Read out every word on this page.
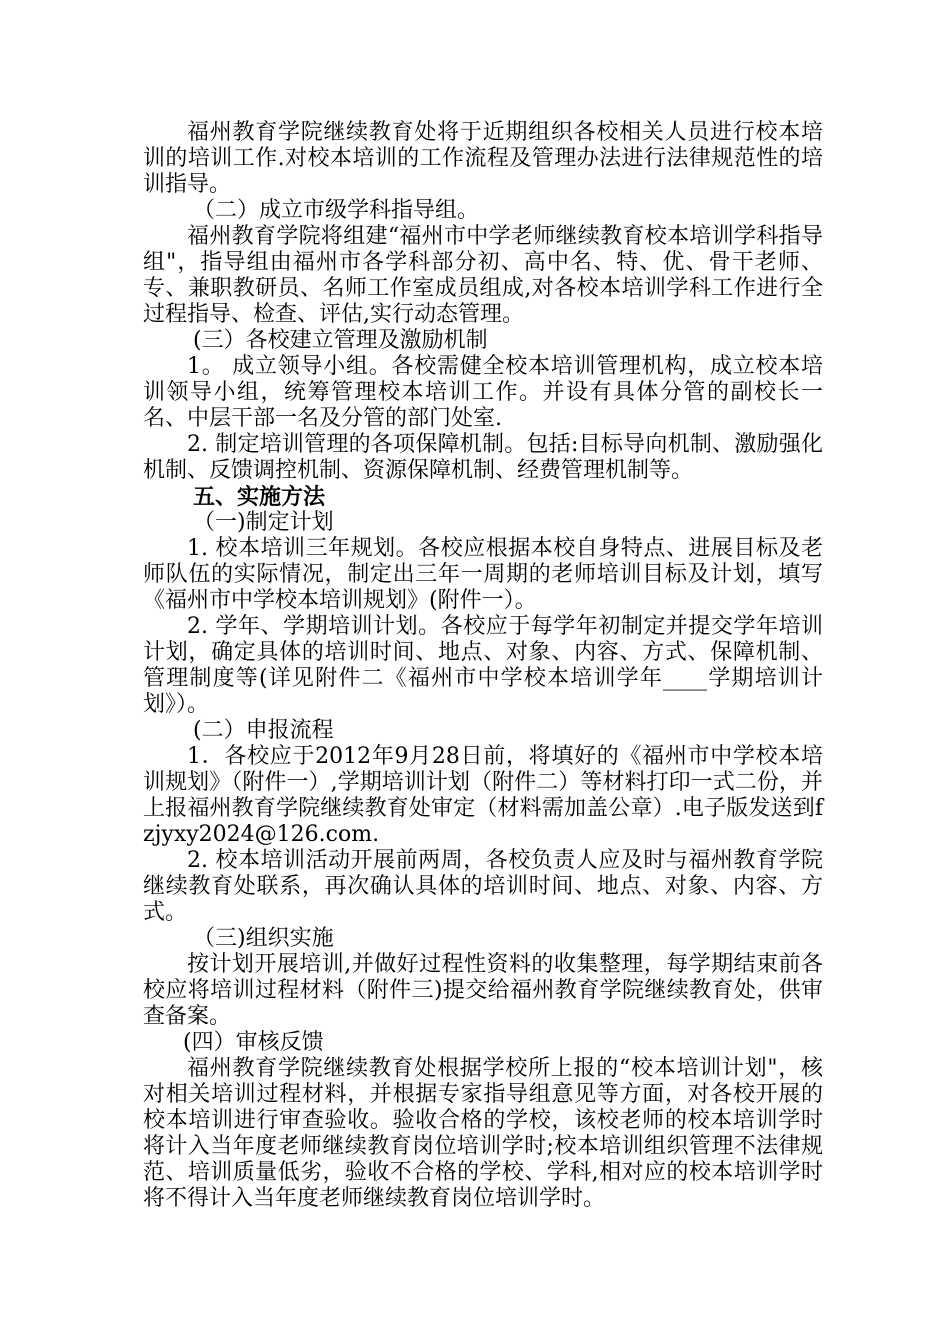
福州教育学院继续教育处将于近期组织各校相关人员进行校本培训的培训工作.对校本培训的工作流程及管理办法进行法律规范性的培训指导。

（二）成立市级学科指导组。

福州教育学院将组建“福州市中学老师继续教育校本培训学科指导组"，指导组由福州市各学科部分初、高中名、特、优、骨干老师、专、兼职教研员、名师工作室成员组成,对各校本培训学科工作进行全过程指导、检查、评估,实行动态管理。

(三）各校建立管理及激励机制

1。 成立领导小组。各校需健全校本培训管理机构，成立校本培训领导小组，统筹管理校本培训工作。并设有具体分管的副校长一名、中层干部一名及分管的部门处室.

2. 制定培训管理的各项保障机制。包括:目标导向机制、激励强化机制、反馈调控机制、资源保障机制、经费管理机制等。

五、实施方法

（一)制定计划

1. 校本培训三年规划。各校应根据本校自身特点、进展目标及老师队伍的实际情况，制定出三年一周期的老师培训目标及计划，填写《福州市中学校本培训规划》(附件一）。

2. 学年、学期培训计划。各校应于每学年初制定并提交学年培训计划，确定具体的培训时间、地点、对象、内容、方式、保障机制、管理制度等(详见附件二《福州市中学校本培训学年____学期培训计划》）。

(二）申报流程

1．各校应于2012年9月28日前，将填好的《福州市中学校本培训规划》（附件一）,学期培训计划（附件二）等材料打印一式二份，并上报福州教育学院继续教育处审定（材料需加盖公章）.电子版发送到fzjyxy2024@126.com.

2. 校本培训活动开展前两周，各校负责人应及时与福州教育学院继续教育处联系，再次确认具体的培训时间、地点、对象、内容、方式。

（三)组织实施

按计划开展培训,并做好过程性资料的收集整理，每学期结束前各校应将培训过程材料（附件三)提交给福州教育学院继续教育处，供审查备案。

(四）审核反馈

福州教育学院继续教育处根据学校所上报的“校本培训计划"，核对相关培训过程材料，并根据专家指导组意见等方面，对各校开展的校本培训进行审查验收。验收合格的学校，该校老师的校本培训学时将计入当年度老师继续教育岗位培训学时;校本培训组织管理不法律规范、培训质量低劣，验收不合格的学校、学科,相对应的校本培训学时将不得计入当年度老师继续教育岗位培训学时。
